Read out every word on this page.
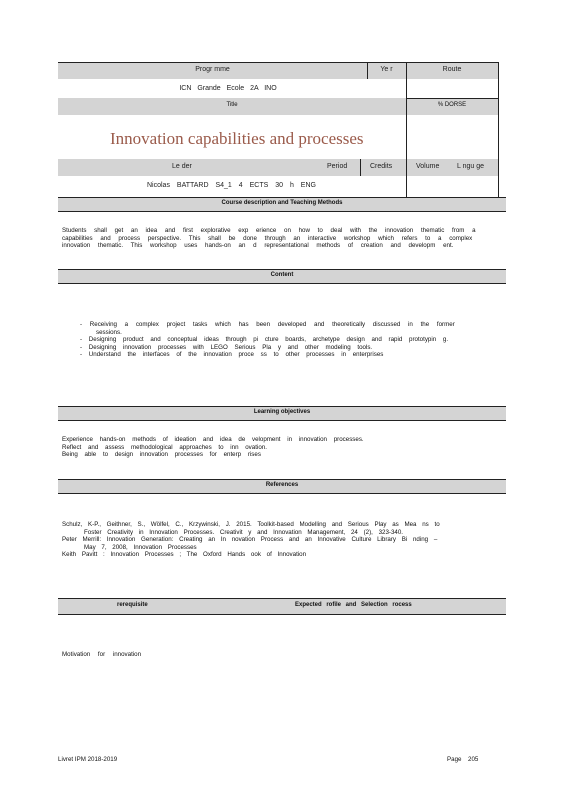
Progr mme	Ye r	Route
ICN Grande Ecole 2A INO
Title	% DORSE
Innovation capabilities and processes
Le der	Period	Credits	Volume	L ngu ge
Nicolas BATTARD S4_1 4 ECTS 30 h ENG
Course description and Teaching Methods
Students shall get an idea and first explorative exp erience on how to deal with the innovation thematic from a
capabilities and process perspective. This shall be done through an interactive workshop which refers to a complex
innovation thematic. This workshop uses hands-on an d representational methods of creation and developm ent.
Content
- Receiving a complex project tasks which has been developed and theoretically discussed in the former
sessions.
- Designing product and conceptual ideas through pi cture boards, archetype design and rapid prototypin g.
- Designing innovation processes with LEGO Serious Pla y and other modeling tools.
- Understand the interfaces of the innovation proce ss to other processes in enterprises
Learning objectives
Experience hands-on methods of ideation and idea de velopment in innovation processes.
Reflect and assess methodological approaches to inn ovation.
Being able to design innovation processes for enterp rises
References
Schulz, K-P., Geithner, S., Wölfel, C., Krzywinski, J. 2015. Toolkit-based Modelling and Serious Play as Mea ns to
Foster Creativity in Innovation Processes. Creativit y and Innovation Management, 24 (2), 323-340.
Peter Merrill: Innovation Generation: Creating an In novation Process and an Innovative Culture Library Bi nding –
May 7, 2008, Innovation Processes
Keith Pavitt : Innovation Processes ; The Oxford Hands ook of Innovation
rerequisite	Expected rofile and Selection rocess
Motivation for innovation
Livret IPM 2018-2019	Page 205
